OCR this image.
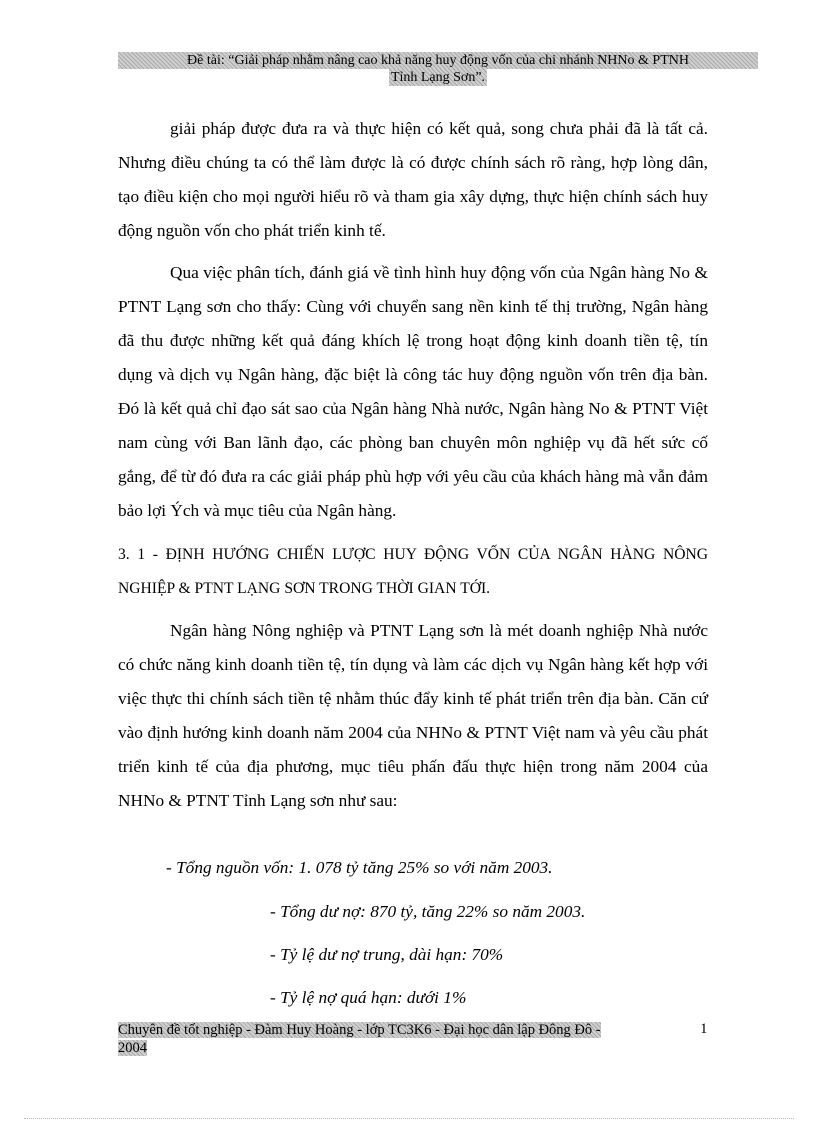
Đề tài: “Giải pháp nhằm nâng cao khả năng huy động vốn của chi nhánh NHNo & PTNH
Tỉnh Lạng Sơn”.

giải pháp được đưa ra và thực hiện có kết quả, song chưa phải đã là tất cả. Nhưng điều chúng ta có thể làm được là có được chính sách rõ ràng, hợp lòng dân, tạo điều kiện cho mọi người hiểu rõ và tham gia xây dựng, thực hiện chính sách huy động nguồn vốn cho phát triển kinh tế.

Qua việc phân tích, đánh giá về tình hình huy động vốn của Ngân hàng No & PTNT Lạng sơn cho thấy: Cùng với chuyển sang nền kinh tế thị trường, Ngân hàng đã thu được những kết quả đáng khích lệ trong hoạt động kinh doanh tiền tệ, tín dụng và dịch vụ Ngân hàng, đặc biệt là công tác huy động nguồn vốn trên địa bàn. Đó là kết quả chỉ đạo sát sao của Ngân hàng Nhà nước, Ngân hàng No & PTNT Việt nam cùng với Ban lãnh đạo, các phòng ban chuyên môn nghiệp vụ đã hết sức cố gắng, để từ đó đưa ra các giải pháp phù hợp với yêu cầu của khách hàng mà vẫn đảm bảo lợi Ých và mục tiêu của Ngân hàng.

3. 1 - ĐỊNH HƯỚNG CHIẾN LƯỢC HUY ĐỘNG VỐN CỦA NGÂN HÀNG NÔNG NGHIỆP & PTNT LẠNG SƠN TRONG THỜI GIAN TỚI.

Ngân hàng Nông nghiệp và PTNT Lạng sơn là mét doanh nghiệp Nhà nước có chức năng kinh doanh tiền tệ, tín dụng và làm các dịch vụ Ngân hàng kết hợp với việc thực thi chính sách tiền tệ nhằm thúc đẩy kinh tế phát triển trên địa bàn. Căn cứ vào định hướng kinh doanh năm 2004 của NHNo & PTNT Việt nam và yêu cầu phát triển kinh tế của địa phương, mục tiêu phấn đấu thực hiện trong năm 2004 của NHNo & PTNT Tỉnh Lạng sơn như sau:

- Tổng nguồn vốn: 1. 078 tỷ tăng 25% so với năm 2003.
- Tổng dư nợ: 870 tỷ, tăng 22% so năm 2003.
- Tỷ lệ dư nợ trung, dài hạn: 70%
- Tỷ lệ nợ quá hạn: dưới 1%
Chuyên đề tốt nghiệp - Đàm Huy Hoàng - lớp TC3K6 - Đại học dân lập Đông Đô -
2004
1
